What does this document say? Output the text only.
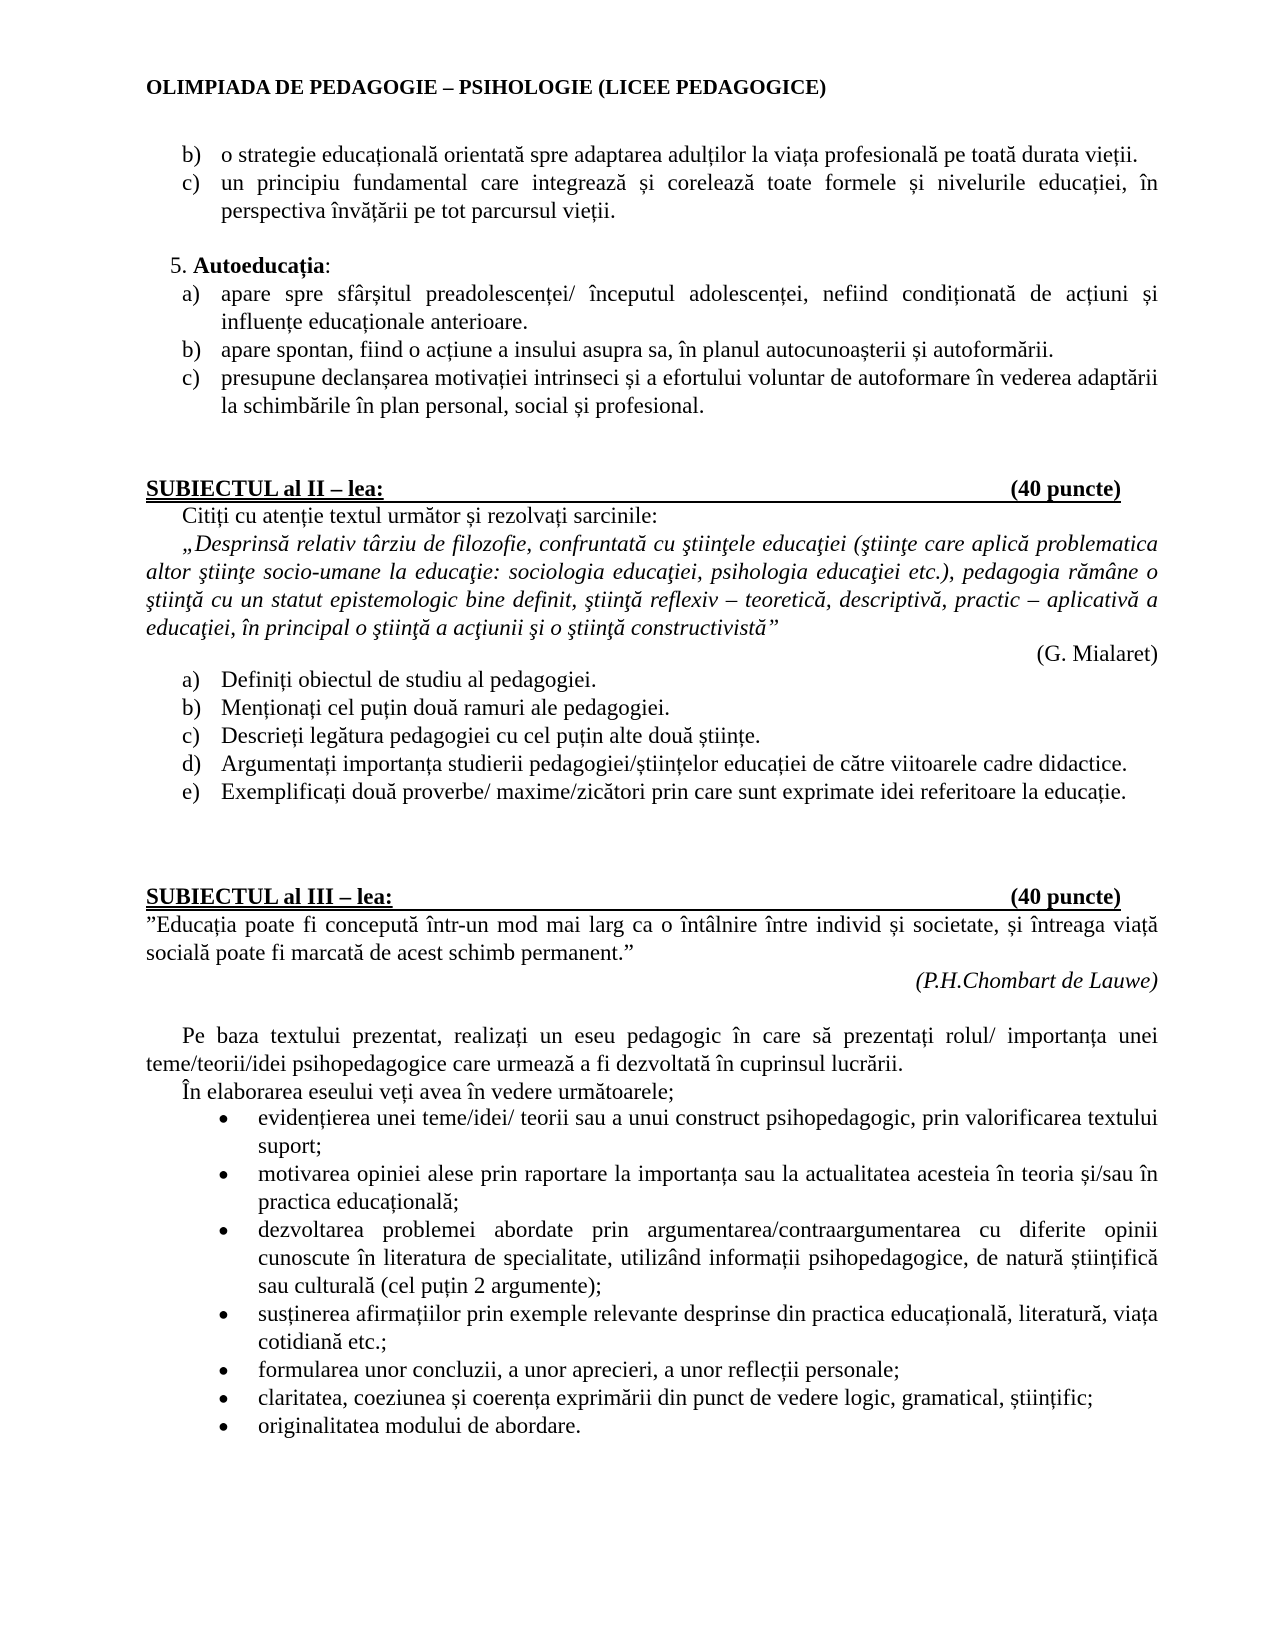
OLIMPIADA DE PEDAGOGIE – PSIHOLOGIE (LICEE PEDAGOGICE)
b) o strategie educațională orientată spre adaptarea adulților la viața profesională pe toată durata vieții.
c) un principiu fundamental care integrează și corelează toate formele și nivelurile educației, în perspectiva învățării pe tot parcursul vieții.
5. Autoeducația:
a) apare spre sfârșitul preadolescenței/ începutul adolescenței, nefiind condiționată de acțiuni și influențe educaționale anterioare.
b) apare spontan, fiind o acțiune a insului asupra sa, în planul autocunoașterii și autoformării.
c) presupune declanșarea motivației intrinseci și a efortului voluntar de autoformare în vederea adaptării la schimbările în plan personal, social și profesional.
SUBIECTUL al II – lea:	(40 puncte)
Citiți cu atenție textul următor și rezolvați sarcinile:
„Desprinsă relativ târziu de filozofie, confruntată cu ştiinţele educaţiei (ştiinţe care aplică problematica altor ştiinţe socio-umane la educaţie: sociologia educaţiei, psihologia educaţiei etc.), pedagogia rămâne o ştiinţă cu un statut epistemologic bine definit, ştiinţă reflexiv – teoretică, descriptivă, practic – aplicativă a educaţiei, în principal o ştiinţă a acţiunii şi o ştiinţă constructivistă”
(G. Mialaret)
a) Definiți obiectul de studiu al pedagogiei.
b) Menționați cel puțin două ramuri ale pedagogiei.
c) Descrieți legătura pedagogiei cu cel puțin alte două științe.
d) Argumentați importanța studierii pedagogiei/științelor educației de către viitoarele cadre didactice.
e) Exemplificați două proverbe/ maxime/zicători prin care sunt exprimate idei referitoare la educație.
SUBIECTUL al III – lea:	(40 puncte)
”Educația poate fi concepută într-un mod mai larg ca o întâlnire între individ și societate, și întreaga viață socială poate fi marcată de acest schimb permanent.”
(P.H.Chombart de Lauwe)
Pe baza textului prezentat, realizați un eseu pedagogic în care să prezentați rolul/ importanța unei teme/teorii/idei psihopedagogice care urmează a fi dezvoltată în cuprinsul lucrării.
În elaborarea eseului veți avea în vedere următoarele;
● evidențierea unei teme/idei/ teorii sau a unui construct psihopedagogic, prin valorificarea textului suport;
● motivarea opiniei alese prin raportare la importanța sau la actualitatea acesteia în teoria și/sau în practica educațională;
● dezvoltarea problemei abordate prin argumentarea/contraargumentarea cu diferite opinii cunoscute în literatura de specialitate, utilizând informații psihopedagogice, de natură științifică sau culturală (cel puțin 2 argumente);
● susținerea afirmațiilor prin exemple relevante desprinse din practica educațională, literatură, viața cotidiană etc.;
● formularea unor concluzii, a unor aprecieri, a unor reflecții personale;
● claritatea, coeziunea și coerența exprimării din punct de vedere logic, gramatical, științific;
● originalitatea modului de abordare.
